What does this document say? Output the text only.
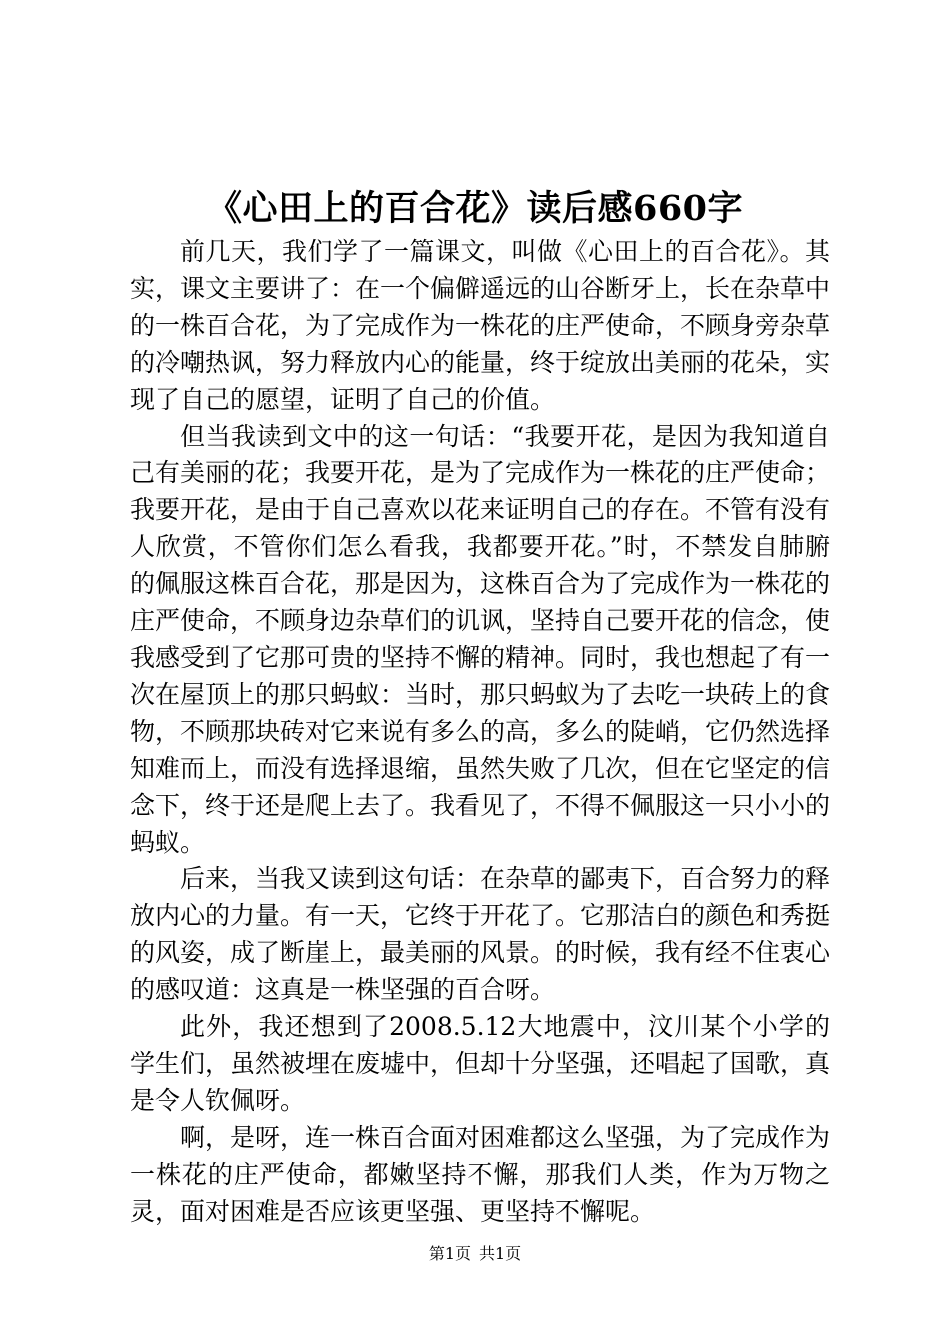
《心田上的百合花》读后感660字

前几天，我们学了一篇课文，叫做《心田上的百合花》。其实，课文主要讲了：在一个偏僻遥远的山谷断牙上，长在杂草中的一株百合花，为了完成作为一株花的庄严使命，不顾身旁杂草的冷嘲热讽，努力释放内心的能量，终于绽放出美丽的花朵，实现了自己的愿望，证明了自己的价值。

但当我读到文中的这一句话：“我要开花，是因为我知道自己有美丽的花；我要开花，是为了完成作为一株花的庄严使命；我要开花，是由于自己喜欢以花来证明自己的存在。不管有没有人欣赏，不管你们怎么看我，我都要开花。”时，不禁发自肺腑的佩服这株百合花，那是因为，这株百合为了完成作为一株花的庄严使命，不顾身边杂草们的讥讽，坚持自己要开花的信念，使我感受到了它那可贵的坚持不懈的精神。同时，我也想起了有一次在屋顶上的那只蚂蚁：当时，那只蚂蚁为了去吃一块砖上的食物，不顾那块砖对它来说有多么的高，多么的陡峭，它仍然选择知难而上，而没有选择退缩，虽然失败了几次，但在它坚定的信念下，终于还是爬上去了。我看见了，不得不佩服这一只小小的蚂蚁。

后来，当我又读到这句话：在杂草的鄙夷下，百合努力的释放内心的力量。有一天，它终于开花了。它那洁白的颜色和秀挺的风姿，成了断崖上，最美丽的风景。的时候，我有经不住衷心的感叹道：这真是一株坚强的百合呀。

此外，我还想到了2008.5.12大地震中，汶川某个小学的学生们，虽然被埋在废墟中，但却十分坚强，还唱起了国歌，真是令人钦佩呀。

啊，是呀，连一株百合面对困难都这么坚强，为了完成作为一株花的庄严使命，都嫩坚持不懈，那我们人类，作为万物之灵，面对困难是否应该更坚强、更坚持不懈呢。

第1页 共1页
